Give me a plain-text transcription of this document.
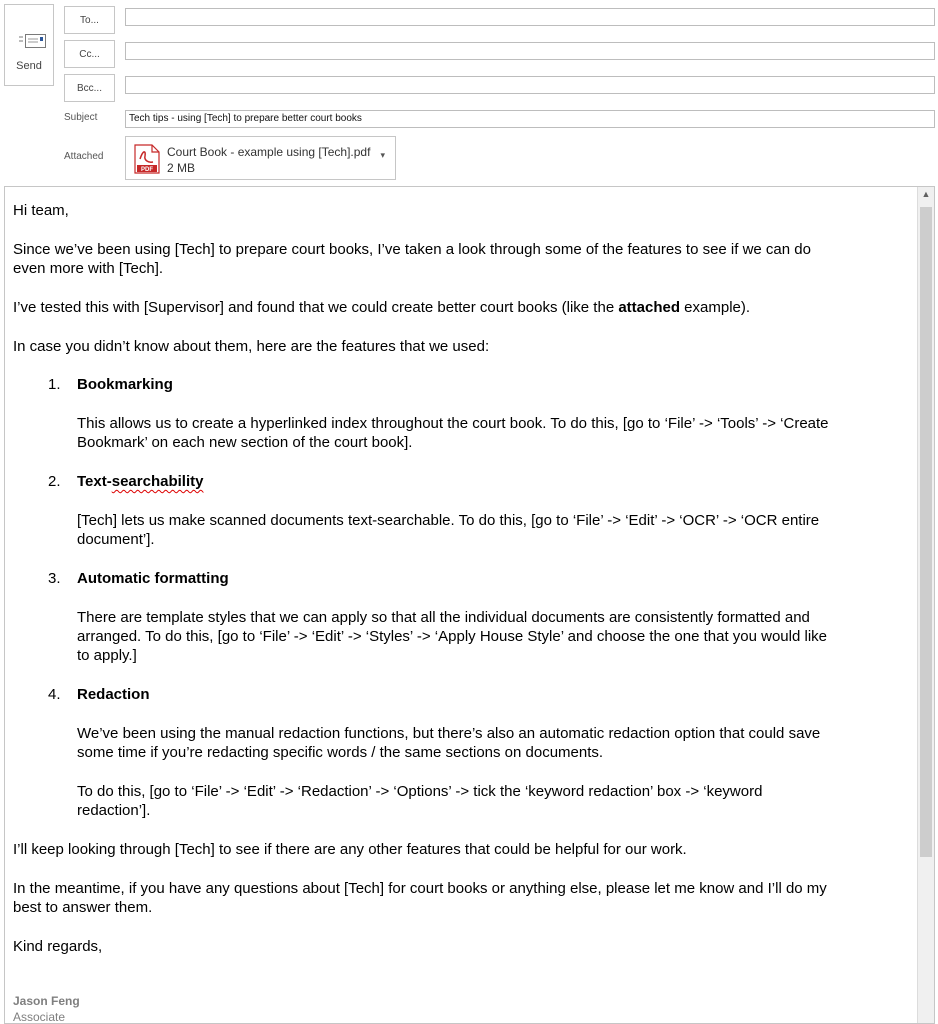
Send
To...
Cc...
Bcc...
Subject	Tech tips - using [Tech] to prepare better court books
Attached
PDF
Court Book - example using [Tech].pdf
2 MB
▾
▲
Hi team,
Since we’ve been using [Tech] to prepare court books, I’ve taken a look through some of the features to see if we can do
even more with [Tech].
I’ve tested this with [Supervisor] and found that we could create better court books (like the attached example).
In case you didn’t know about them, here are the features that we used:
1. Bookmarking
This allows us to create a hyperlinked index throughout the court book. To do this, [go to ‘File’ -> ‘Tools’ -> ‘Create
Bookmark’ on each new section of the court book].
2. Text-searchability
[Tech] lets us make scanned documents text-searchable. To do this, [go to ‘File’ -> ‘Edit’ -> ‘OCR’ -> ‘OCR entire
document’].
3. Automatic formatting
There are template styles that we can apply so that all the individual documents are consistently formatted and
arranged. To do this, [go to ‘File’ -> ‘Edit’ -> ‘Styles’ -> ‘Apply House Style’ and choose the one that you would like
to apply.]
4. Redaction
We’ve been using the manual redaction functions, but there’s also an automatic redaction option that could save
some time if you’re redacting specific words / the same sections on documents.
To do this, [go to ‘File’ -> ‘Edit’ -> ‘Redaction’ -> ‘Options’ -> tick the ‘keyword redaction’ box -> ‘keyword
redaction’].
I’ll keep looking through [Tech] to see if there are any other features that could be helpful for our work.
In the meantime, if you have any questions about [Tech] for court books or anything else, please let me know and I’ll do my
best to answer them.
Kind regards,
Jason Feng
Associate
